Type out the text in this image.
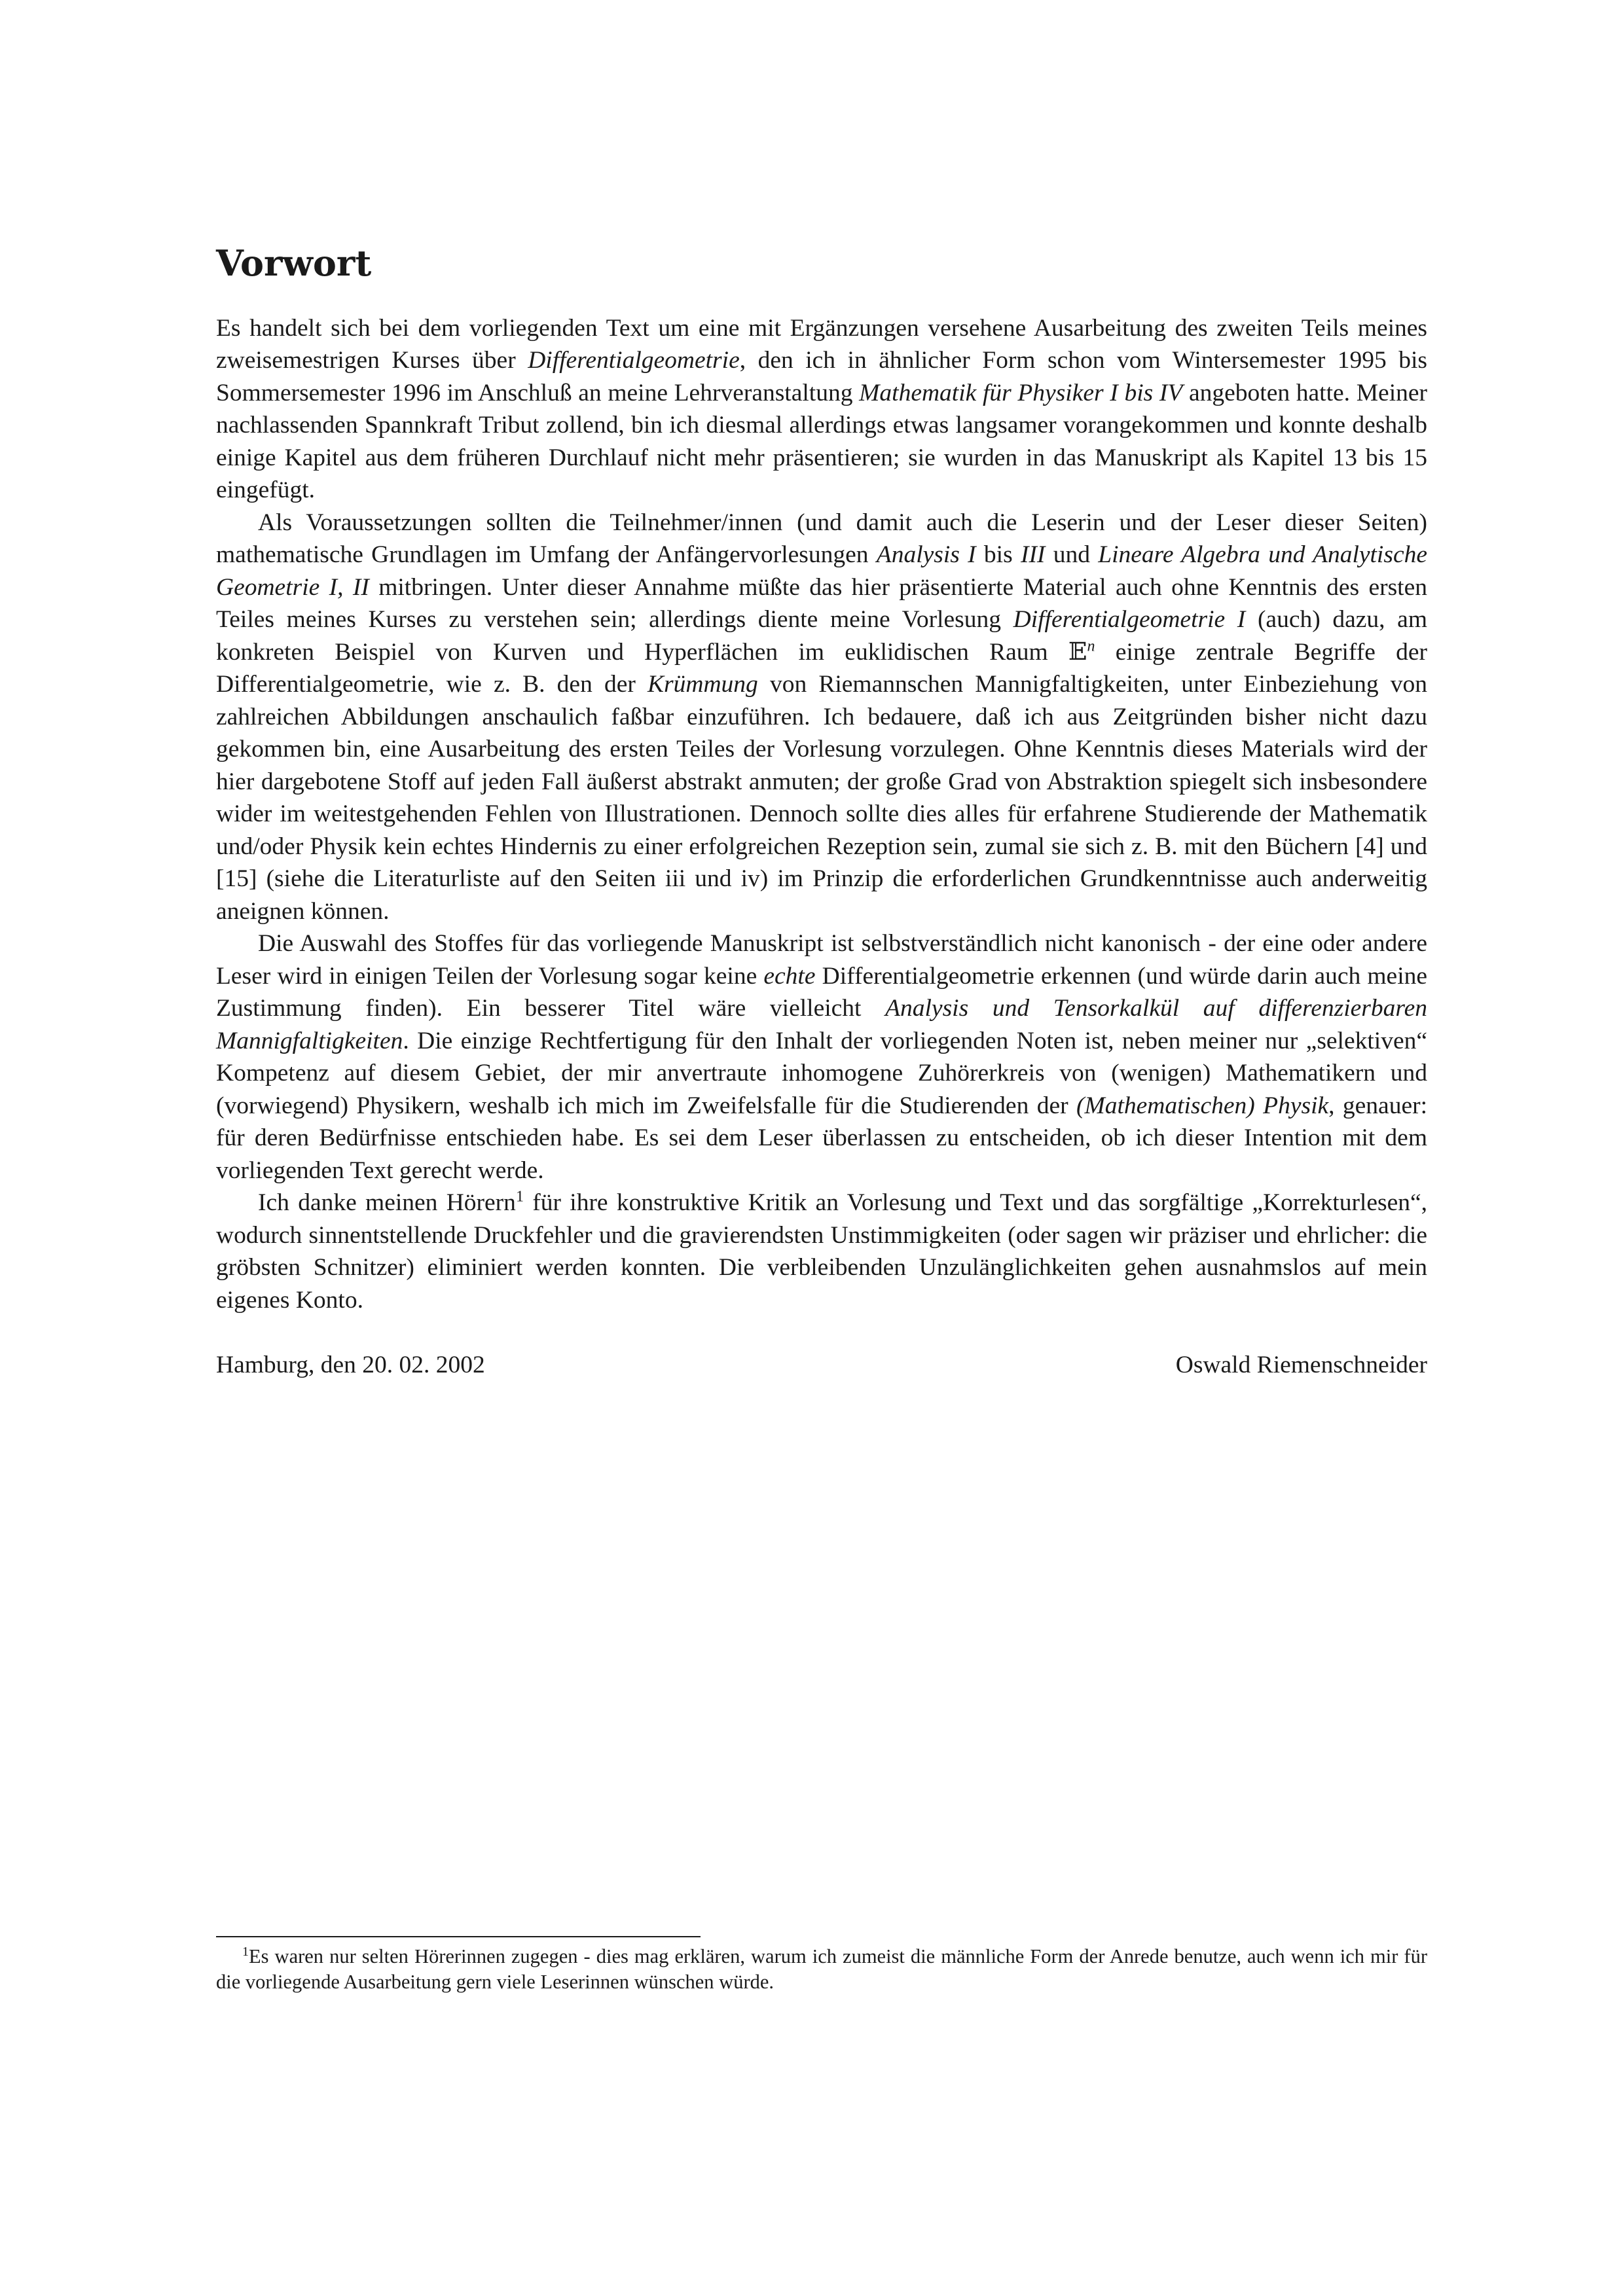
Vorwort

Es handelt sich bei dem vorliegenden Text um eine mit Ergänzungen versehene Ausarbeitung des zweiten Teils meines zweisemestrigen Kurses über Differentialgeometrie, den ich in ähnlicher Form schon vom Wintersemester 1995 bis Sommersemester 1996 im Anschluß an meine Lehrveranstaltung Mathematik für Physiker I bis IV angeboten hatte. Meiner nachlassenden Spannkraft Tribut zollend, bin ich diesmal allerdings etwas langsamer vorangekommen und konnte deshalb einige Kapitel aus dem früheren Durchlauf nicht mehr präsentieren; sie wurden in das Manuskript als Kapitel 13 bis 15 eingefügt.

Als Voraussetzungen sollten die Teilnehmer/innen (und damit auch die Leserin und der Leser dieser Seiten) mathematische Grundlagen im Umfang der Anfängervorlesungen Analysis I bis III und Lineare Algebra und Analytische Geometrie I, II mitbringen. Unter dieser Annahme müßte das hier präsentierte Material auch ohne Kenntnis des ersten Teiles meines Kurses zu verstehen sein; allerdings diente meine Vorlesung Differentialgeometrie I (auch) dazu, am konkreten Beispiel von Kurven und Hyperflächen im euklidischen Raum 𝔼$^n$ einige zentrale Begriffe der Differentialgeometrie, wie z. B. den der Krümmung von Riemannschen Mannigfaltigkeiten, unter Einbeziehung von zahlreichen Abbildungen anschaulich faßbar einzuführen. Ich bedauere, daß ich aus Zeitgründen bisher nicht dazu gekommen bin, eine Ausarbeitung des ersten Teiles der Vorlesung vorzulegen. Ohne Kenntnis dieses Materials wird der hier dargebotene Stoff auf jeden Fall äußerst abstrakt anmuten; der große Grad von Abstraktion spiegelt sich insbesondere wider im weitestgehenden Fehlen von Illustrationen. Dennoch sollte dies alles für erfahrene Studierende der Mathematik und/oder Physik kein echtes Hindernis zu einer erfolgreichen Rezeption sein, zumal sie sich z. B. mit den Büchern [4] und [15] (siehe die Literaturliste auf den Seiten iii und iv) im Prinzip die erforderlichen Grundkenntnisse auch anderweitig aneignen können.

Die Auswahl des Stoffes für das vorliegende Manuskript ist selbstverständlich nicht kanonisch - der eine oder andere Leser wird in einigen Teilen der Vorlesung sogar keine echte Differentialgeometrie erkennen (und würde darin auch meine Zustimmung finden). Ein besserer Titel wäre vielleicht Analysis und Tensorkalkül auf differenzierbaren Mannigfaltigkeiten. Die einzige Rechtfertigung für den Inhalt der vorliegenden Noten ist, neben meiner nur „selektiven“ Kompetenz auf diesem Gebiet, der mir anvertraute inhomogene Zuhörerkreis von (wenigen) Mathematikern und (vorwiegend) Physikern, weshalb ich mich im Zweifelsfalle für die Studierenden der (Mathematischen) Physik, genauer: für deren Bedürfnisse entschieden habe. Es sei dem Leser überlassen zu entscheiden, ob ich dieser Intention mit dem vorliegenden Text gerecht werde.

Ich danke meinen Hörern$^1$ für ihre konstruktive Kritik an Vorlesung und Text und das sorgfältige „Korrekturlesen“, wodurch sinnentstellende Druckfehler und die gravierendsten Unstimmigkeiten (oder sagen wir präziser und ehrlicher: die gröbsten Schnitzer) eliminiert werden konnten. Die verbleibenden Unzulänglichkeiten gehen ausnahmslos auf mein eigenes Konto.

Hamburg, den 20. 02. 2002	Oswald Riemenschneider

$^1$Es waren nur selten Hörerinnen zugegen - dies mag erklären, warum ich zumeist die männliche Form der Anrede benutze, auch wenn ich mir für die vorliegende Ausarbeitung gern viele Leserinnen wünschen würde.
